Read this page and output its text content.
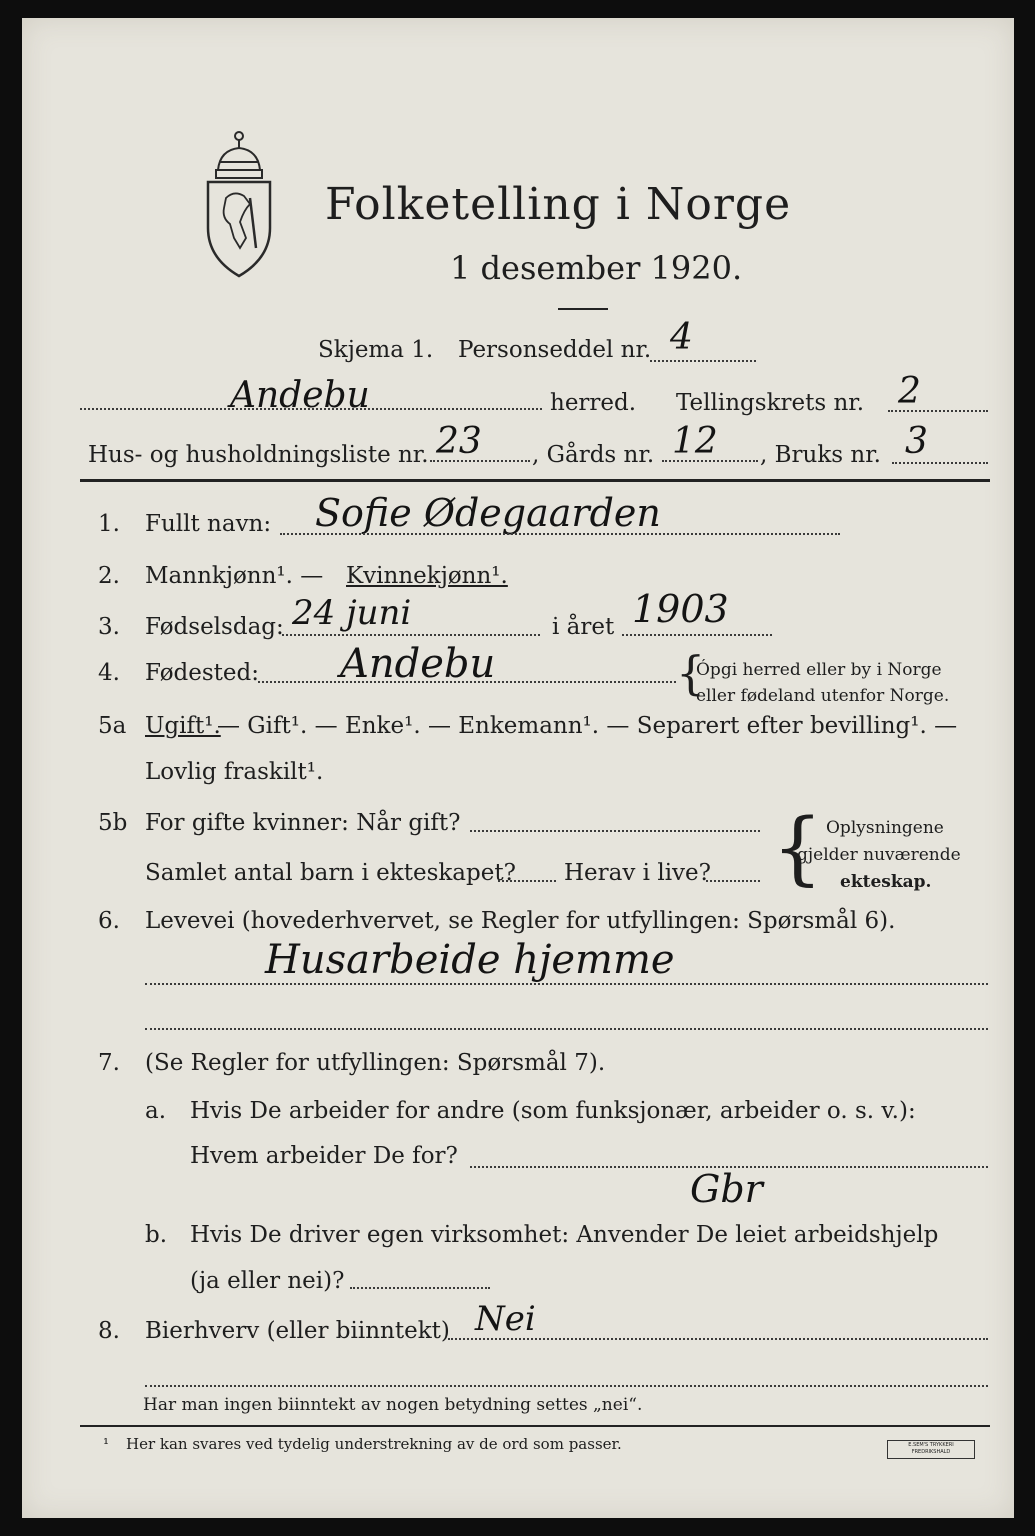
Folketelling i Norge
1 desember 1920.
Skjema 1. Personseddel nr. 4
Andebu	herred. Tellingskrets nr. 2
Hus- og husholdningsliste nr. 23 , Gårds nr. 12 , Bruks nr. 3
1. Fullt navn: Sofie Ødegaarden
2. Mannkjønn¹. — Kvinnekjønn¹.
3. Fødselsdag: 24 juni	i året 1903
4. Fødested: Andebu	{
Ópgi herred eller by i Norge
eller fødeland utenfor Norge.
5a Ugift¹.
— Gift¹. — Enke¹. — Enkemann¹. — Separert efter bevilling¹. —
Lovlig fraskilt¹.
5b For gifte kvinner: Når gift?
Samlet antal barn i ekteskapet? Herav i live? { Oplysningene
gjelder nuværende
ekteskap.
6. Levevei (hovederhvervet, se Regler for utfyllingen: Spørsmål 6).
Husarbeide hjemme
7. (Se Regler for utfyllingen: Spørsmål 7).
a. Hvis De arbeider for andre (som funksjonær, arbeider o. s. v.):
Hvem arbeider De for?
Gbr
b. Hvis De driver egen virksomhet: Anvender De leiet arbeidshjelp
(ja eller nei)?
8. Bierhverv (eller biinntekt) Nei
Har man ingen biinntekt av nogen betydning settes „nei“.
¹ Her kan svares ved tydelig understrekning av de ord som passer.	E.SEM'S TRYKKERI FREDRIKSHALD
